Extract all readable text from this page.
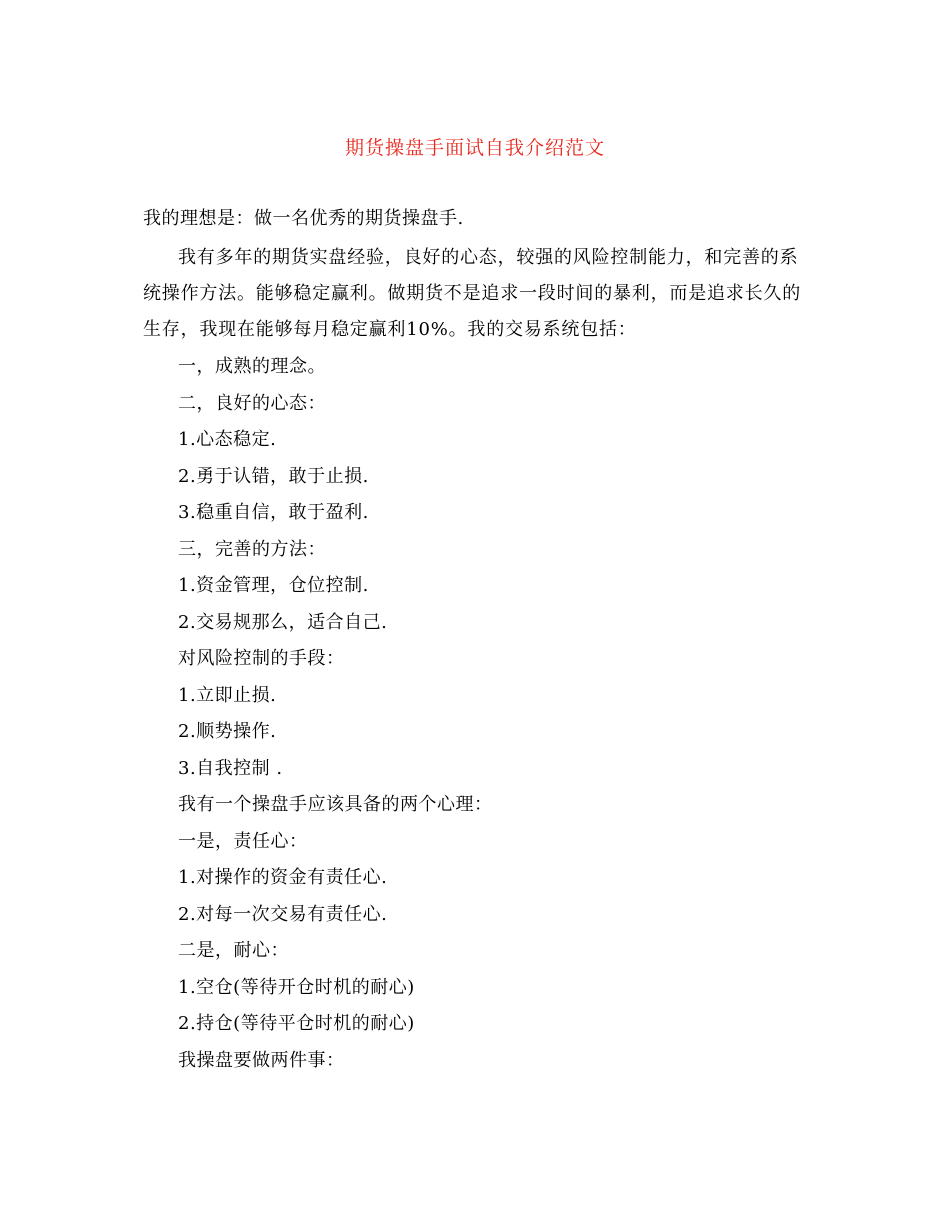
期货操盘手面试自我介绍范文

我的理想是：做一名优秀的期货操盘手.

我有多年的期货实盘经验，良好的心态，较强的风险控制能力，和完善的系统操作方法。能够稳定赢利。做期货不是追求一段时间的暴利，而是追求长久的生存，我现在能够每月稳定赢利10%。我的交易系统包括：

一，成熟的理念。
二，良好的心态：
1.心态稳定.
2.勇于认错，敢于止损.
3.稳重自信，敢于盈利.
三，完善的方法：
1.资金管理，仓位控制.
2.交易规那么，适合自己.
对风险控制的手段：
1.立即止损.
2.顺势操作.
3.自我控制 .
我有一个操盘手应该具备的两个心理：
一是，责任心：
1.对操作的资金有责任心.
2.对每一次交易有责任心.
二是，耐心：
1.空仓(等待开仓时机的耐心)
2.持仓(等待平仓时机的耐心)
我操盘要做两件事：
